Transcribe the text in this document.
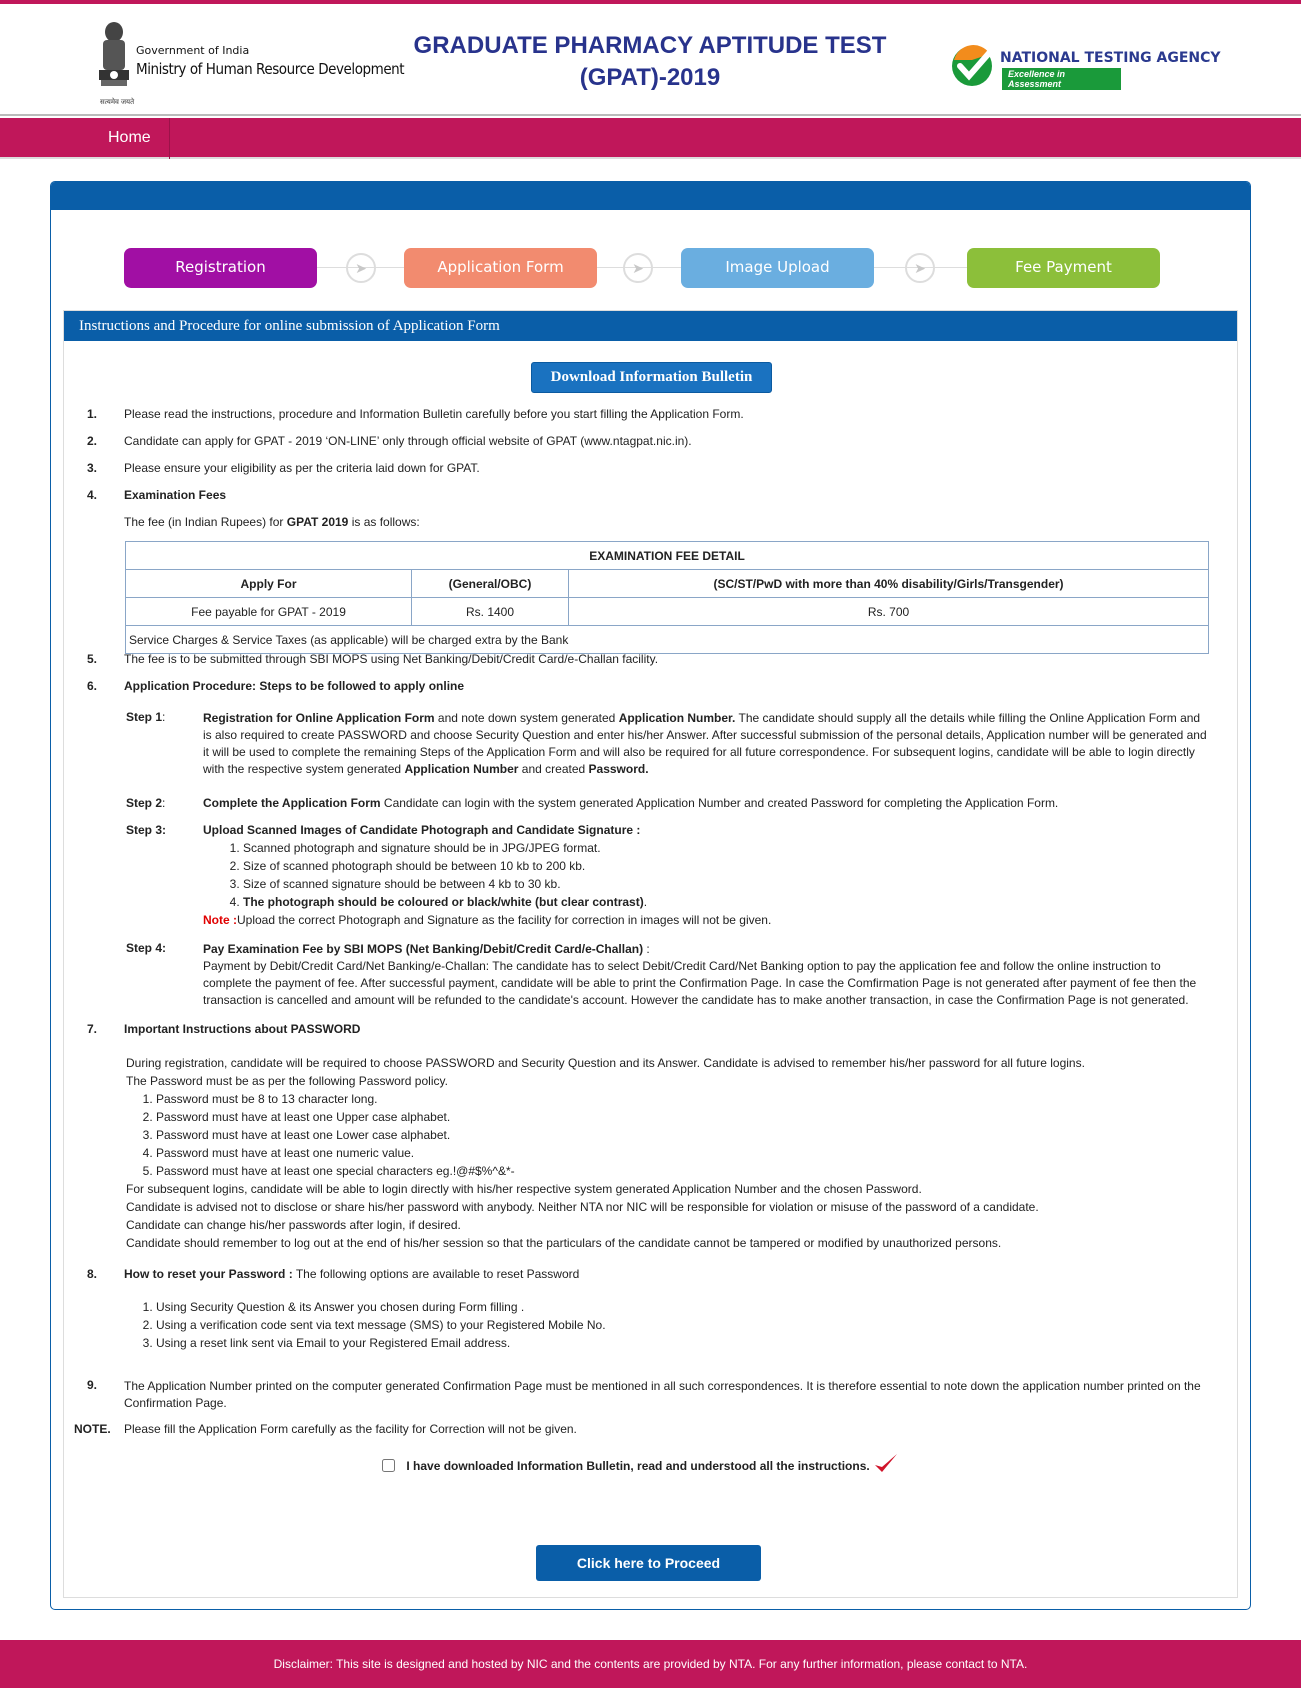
Government of India
Ministry of Human Resource Development
सत्यमेव जयते
GRADUATE PHARMACY APTITUDE TEST
(GPAT)-2019
NATIONAL TESTING AGENCY
Excellence in Assessment
Home
Registration	➤	Application Form	➤	Image Upload	➤	Fee Payment
Instructions and Procedure for online submission of Application Form
Download Information Bulletin
1. Please read the instructions, procedure and Information Bulletin carefully before you start filling the Application Form.
2. Candidate can apply for GPAT - 2019 ‘ON-LINE’ only through official website of GPAT (www.ntagpat.nic.in).
3. Please ensure your eligibility as per the criteria laid down for GPAT.
4. Examination Fees
The fee (in Indian Rupees) for GPAT 2019 is as follows:
EXAMINATION FEE DETAIL		
Apply For	(General/OBC)	(SC/ST/PwD with more than 40% disability/Girls/Transgender)
Fee payable for GPAT - 2019	Rs. 1400	Rs. 700
Service Charges & Service Taxes (as applicable) will be charged extra by the Bank		
5. The fee is to be submitted through SBI MOPS using Net Banking/Debit/Credit Card/e-Challan facility.
6. Application Procedure: Steps to be followed to apply online
Step 1:	Registration for Online Application Form and note down system generated Application Number. The candidate should supply all the details while filling the Online Application Form and is also required to create PASSWORD and choose Security Question and enter his/her Answer. After successful submission of the personal details, Application number will be generated and it will be used to complete the remaining Steps of the Application Form and will also be required for all future correspondence. For subsequent logins, candidate will be able to login directly with the respective system generated Application Number and created Password.
Step 2:	Complete the Application Form Candidate can login with the system generated Application Number and created Password for completing the Application Form.
Step 3:	Upload Scanned Images of Candidate Photograph and Candidate Signature :
1. Scanned photograph and signature should be in JPG/JPEG format.
2. Size of scanned photograph should be between 10 kb to 200 kb.
3. Size of scanned signature should be between 4 kb to 30 kb.
4. The photograph should be coloured or black/white (but clear contrast).
Note :Upload the correct Photograph and Signature as the facility for correction in images will not be given.
Step 4:	Pay Examination Fee by SBI MOPS (Net Banking/Debit/Credit Card/e-Challan) :
Payment by Debit/Credit Card/Net Banking/e-Challan: The candidate has to select Debit/Credit Card/Net Banking option to pay the application fee and follow the online instruction to complete the payment of fee. After successful payment, candidate will be able to print the Confirmation Page. In case the Comfirmation Page is not generated after payment of fee then the transaction is cancelled and amount will be refunded to the candidate's account. However the candidate has to make another transaction, in case the Confirmation Page is not generated.
7. Important Instructions about PASSWORD
During registration, candidate will be required to choose PASSWORD and Security Question and its Answer. Candidate is advised to remember his/her password for all future logins.
The Password must be as per the following Password policy.
1. Password must be 8 to 13 character long.
2. Password must have at least one Upper case alphabet.
3. Password must have at least one Lower case alphabet.
4. Password must have at least one numeric value.
5. Password must have at least one special characters eg.!@#$%^&*-
For subsequent logins, candidate will be able to login directly with his/her respective system generated Application Number and the chosen Password.
Candidate is advised not to disclose or share his/her password with anybody. Neither NTA nor NIC will be responsible for violation or misuse of the password of a candidate.
Candidate can change his/her passwords after login, if desired.
Candidate should remember to log out at the end of his/her session so that the particulars of the candidate cannot be tampered or modified by unauthorized persons.
8. How to reset your Password : The following options are available to reset Password
1. Using Security Question & its Answer you chosen during Form filling .
2. Using a verification code sent via text message (SMS) to your Registered Mobile No.
3. Using a reset link sent via Email to your Registered Email address.
9. The Application Number printed on the computer generated Confirmation Page must be mentioned in all such correspondences. It is therefore essential to note down the application number printed on the Confirmation Page.
NOTE. Please fill the Application Form carefully as the facility for Correction will not be given.
I have downloaded Information Bulletin, read and understood all the instructions.
Click here to Proceed
Disclaimer: This site is designed and hosted by NIC and the contents are provided by NTA. For any further information, please contact to NTA.
